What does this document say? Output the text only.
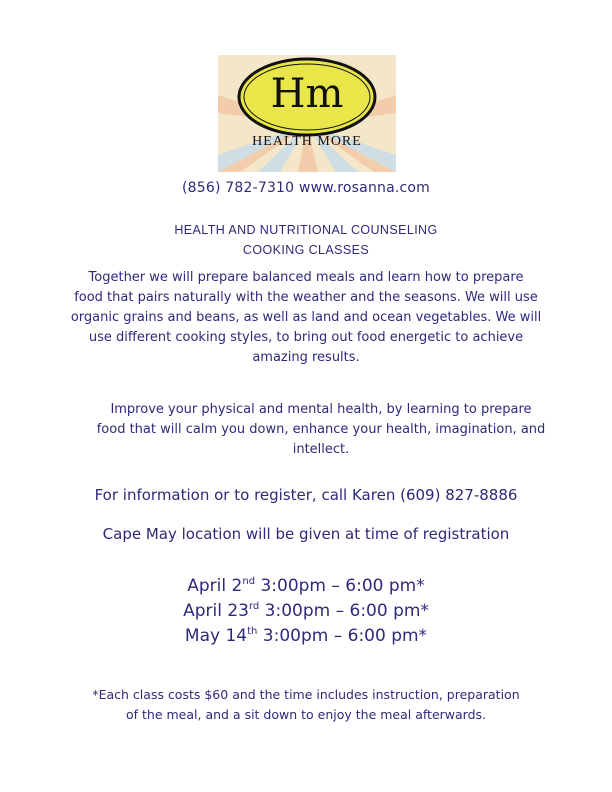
Hm
HEALTH MORE
(856) 782-7310 www.rosanna.com
HEALTH AND NUTRITIONAL COUNSELING
COOKING CLASSES
Together we will prepare balanced meals and learn how to prepare
food that pairs naturally with the weather and the seasons. We will use
organic grains and beans, as well as land and ocean vegetables. We will
use different cooking styles, to bring out food energetic to achieve
amazing results.
Improve your physical and mental health, by learning to prepare
food that will calm you down, enhance your health, imagination, and
intellect.
For information or to register, call Karen (609) 827-8886
Cape May location will be given at time of registration
April 2nd 3:00pm – 6:00 pm*
April 23rd 3:00pm – 6:00 pm*
May 14th 3:00pm – 6:00 pm*
*Each class costs $60 and the time includes instruction, preparation
of the meal, and a sit down to enjoy the meal afterwards.
